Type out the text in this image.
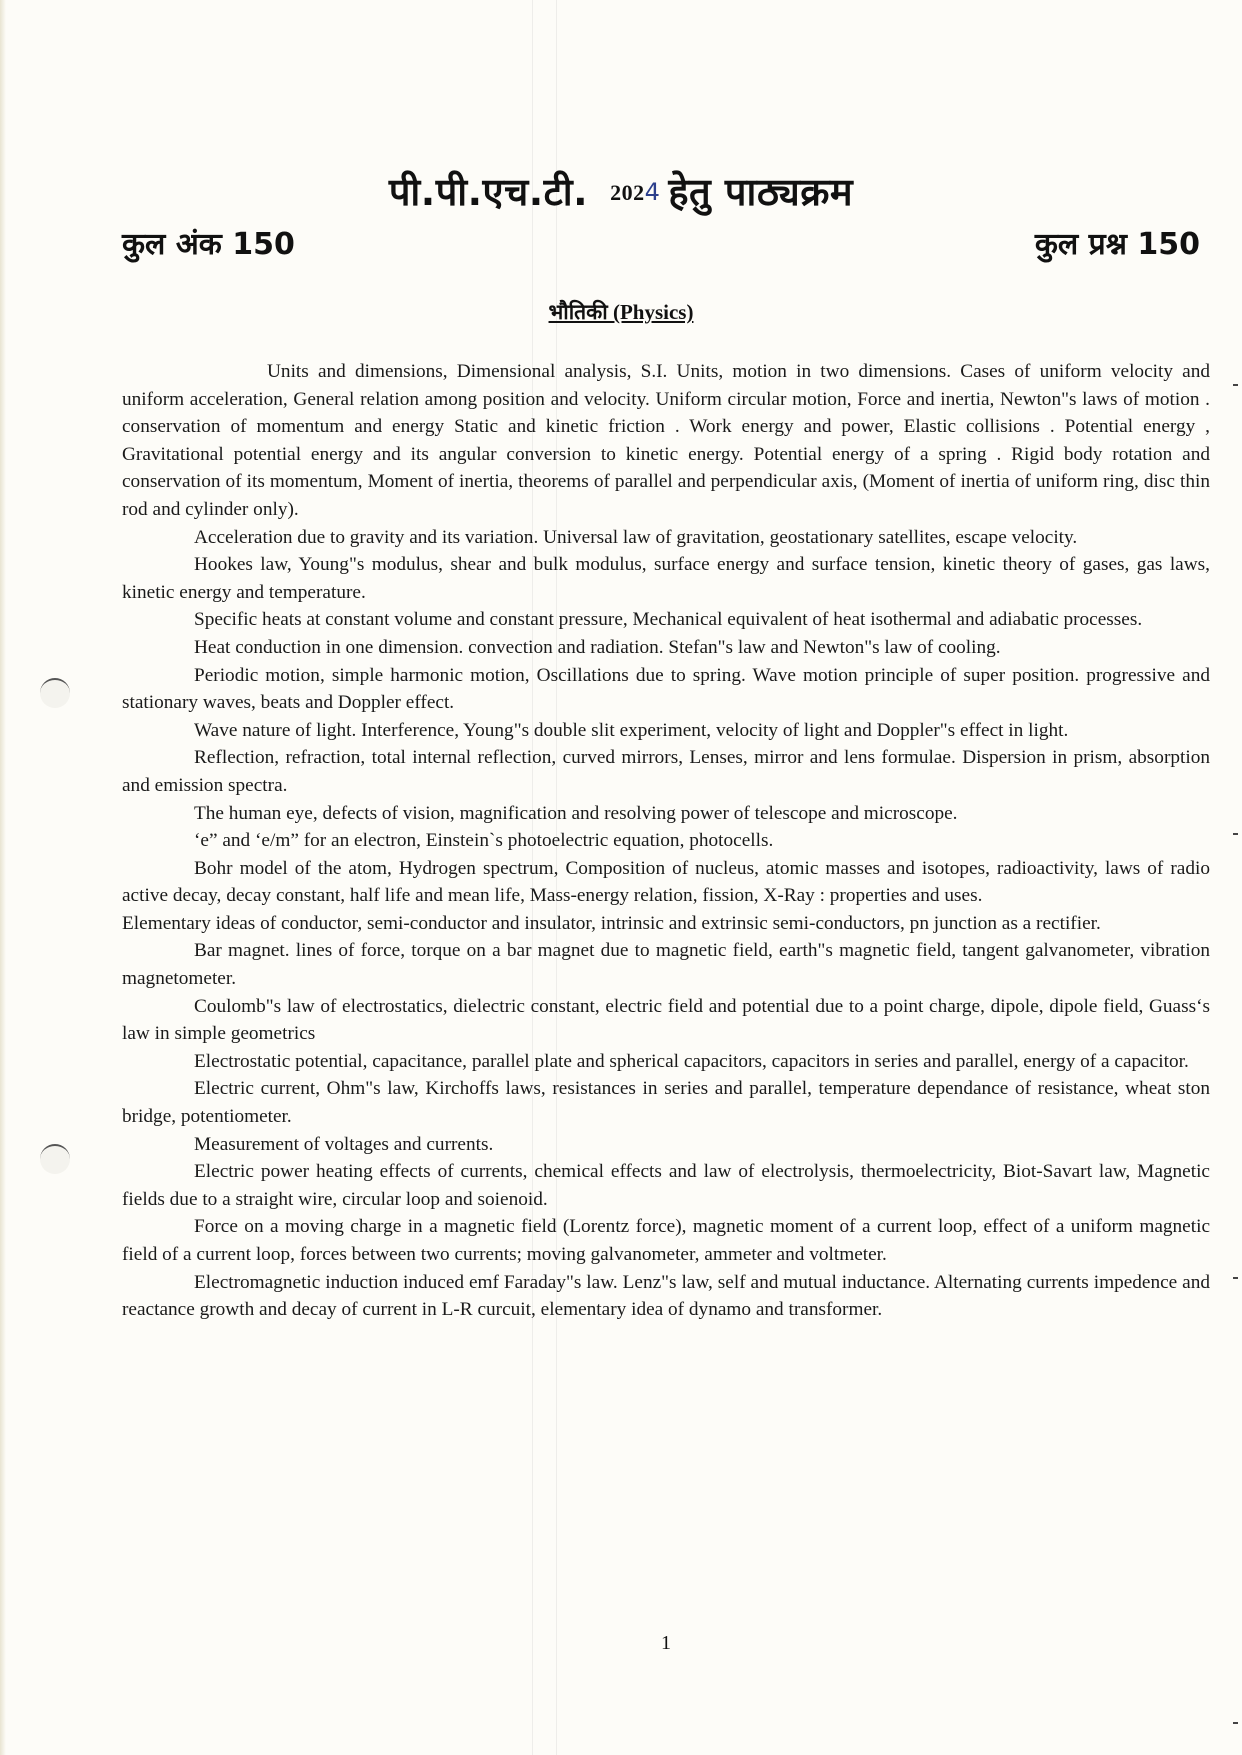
पी.पी.एच.टी. 2024 हेतु पाठ्यक्रम
कुल अंक 150	कुल प्रश्न 150
भौतिकी (Physics)

Units and dimensions, Dimensional analysis, S.I. Units, motion in two dimensions. Cases of uniform velocity and uniform acceleration, General relation among position and velocity. Uniform circular motion, Force and inertia, Newton"s laws of motion . conservation of momentum and energy Static and kinetic friction . Work energy and power, Elastic collisions . Potential energy , Gravitational potential energy and its angular conversion to kinetic energy. Potential energy of a spring . Rigid body rotation and conservation of its momentum, Moment of inertia, theorems of parallel and perpendicular axis, (Moment of inertia of uniform ring, disc thin rod and cylinder only).

Acceleration due to gravity and its variation. Universal law of gravitation, geostationary satellites, escape velocity.

Hookes law, Young"s modulus, shear and bulk modulus, surface energy and surface tension, kinetic theory of gases, gas laws, kinetic energy and temperature.

Specific heats at constant volume and constant pressure, Mechanical equivalent of heat isothermal and adiabatic processes.

Heat conduction in one dimension. convection and radiation. Stefan"s law and Newton"s law of cooling.

Periodic motion, simple harmonic motion, Oscillations due to spring. Wave motion principle of super position. progressive and stationary waves, beats and Doppler effect.

Wave nature of light. Interference, Young"s double slit experiment, velocity of light and Doppler"s effect in light.

Reflection, refraction, total internal reflection, curved mirrors, Lenses, mirror and lens formulae. Dispersion in prism, absorption and emission spectra.

The human eye, defects of vision, magnification and resolving power of telescope and microscope.

‘e” and ‘e/m” for an electron, Einstein`s photoelectric equation, photocells.

Bohr model of the atom, Hydrogen spectrum, Composition of nucleus, atomic masses and isotopes, radioactivity, laws of radio active decay, decay constant, half life and mean life, Mass-energy relation, fission, X-Ray : properties and uses.

Elementary ideas of conductor, semi-conductor and insulator, intrinsic and extrinsic semi-conductors, pn junction as a rectifier.

Bar magnet. lines of force, torque on a bar magnet due to magnetic field, earth"s magnetic field, tangent galvanometer, vibration magnetometer.

Coulomb"s law of electrostatics, dielectric constant, electric field and potential due to a point charge, dipole, dipole field, Guass‘s law in simple geometrics

Electrostatic potential, capacitance, parallel plate and spherical capacitors, capacitors in series and parallel, energy of a capacitor.

Electric current, Ohm"s law, Kirchoffs laws, resistances in series and parallel, temperature dependance of resistance, wheat ston bridge, potentiometer.

Measurement of voltages and currents.

Electric power heating effects of currents, chemical effects and law of electrolysis, thermoelectricity, Biot-Savart law, Magnetic fields due to a straight wire, circular loop and soienoid.

Force on a moving charge in a magnetic field (Lorentz force), magnetic moment of a current loop, effect of a uniform magnetic field of a current loop, forces between two currents; moving galvanometer, ammeter and voltmeter.

Electromagnetic induction induced emf Faraday"s law. Lenz"s law, self and mutual inductance. Alternating currents impedence and reactance growth and decay of current in L-R curcuit, elementary idea of dynamo and transformer.

1
